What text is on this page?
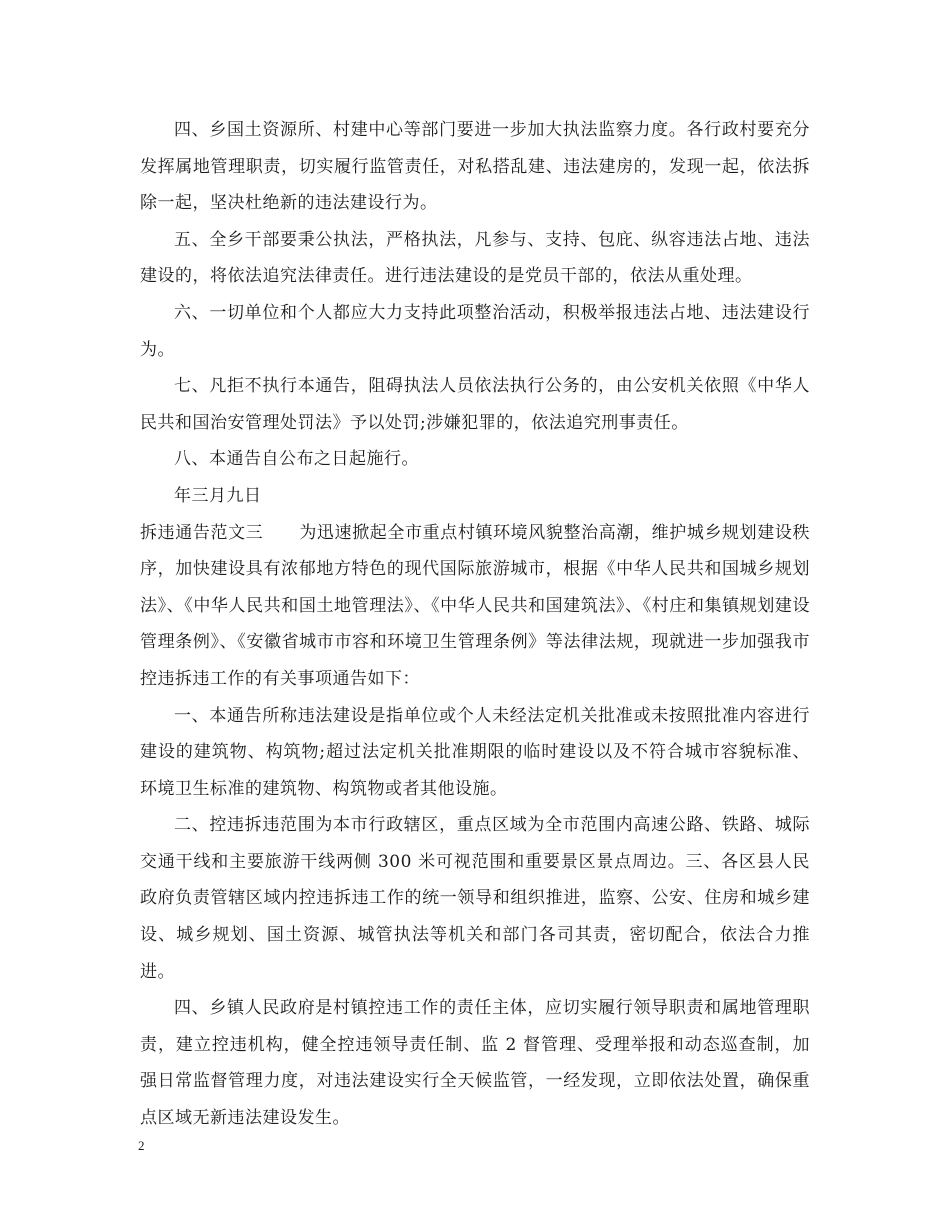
四、乡国土资源所、村建中心等部门要进一步加大执法监察力度。各行政村要充分发挥属地管理职责，切实履行监管责任，对私搭乱建、违法建房的，发现一起，依法拆除一起，坚决杜绝新的违法建设行为。

五、全乡干部要秉公执法，严格执法，凡参与、支持、包庇、纵容违法占地、违法建设的，将依法追究法律责任。进行违法建设的是党员干部的，依法从重处理。

六、一切单位和个人都应大力支持此项整治活动，积极举报违法占地、违法建设行为。

七、凡拒不执行本通告，阻碍执法人员依法执行公务的，由公安机关依照《中华人民共和国治安管理处罚法》予以处罚;涉嫌犯罪的，依法追究刑事责任。

八、本通告自公布之日起施行。

年三月九日

拆违通告范文三 为迅速掀起全市重点村镇环境风貌整治高潮，维护城乡规划建设秩序，加快建设具有浓郁地方特色的现代国际旅游城市，根据《中华人民共和国城乡规划法》、《中华人民共和国土地管理法》、《中华人民共和国建筑法》、《村庄和集镇规划建设管理条例》、《安徽省城市市容和环境卫生管理条例》等法律法规，现就进一步加强我市控违拆违工作的有关事项通告如下：

一、本通告所称违法建设是指单位或个人未经法定机关批准或未按照批准内容进行建设的建筑物、构筑物;超过法定机关批准期限的临时建设以及不符合城市容貌标准、环境卫生标准的建筑物、构筑物或者其他设施。

二、控违拆违范围为本市行政辖区，重点区域为全市范围内高速公路、铁路、城际交通干线和主要旅游干线两侧 300 米可视范围和重要景区景点周边。三、各区县人民政府负责管辖区域内控违拆违工作的统一领导和组织推进，监察、公安、住房和城乡建设、城乡规划、国土资源、城管执法等机关和部门各司其责，密切配合，依法合力推进。

四、乡镇人民政府是村镇控违工作的责任主体，应切实履行领导职责和属地管理职责，建立控违机构，健全控违领导责任制、监 2 督管理、受理举报和动态巡查制，加强日常监督管理力度，对违法建设实行全天候监管，一经发现，立即依法处置，确保重点区域无新违法建设发生。

2
